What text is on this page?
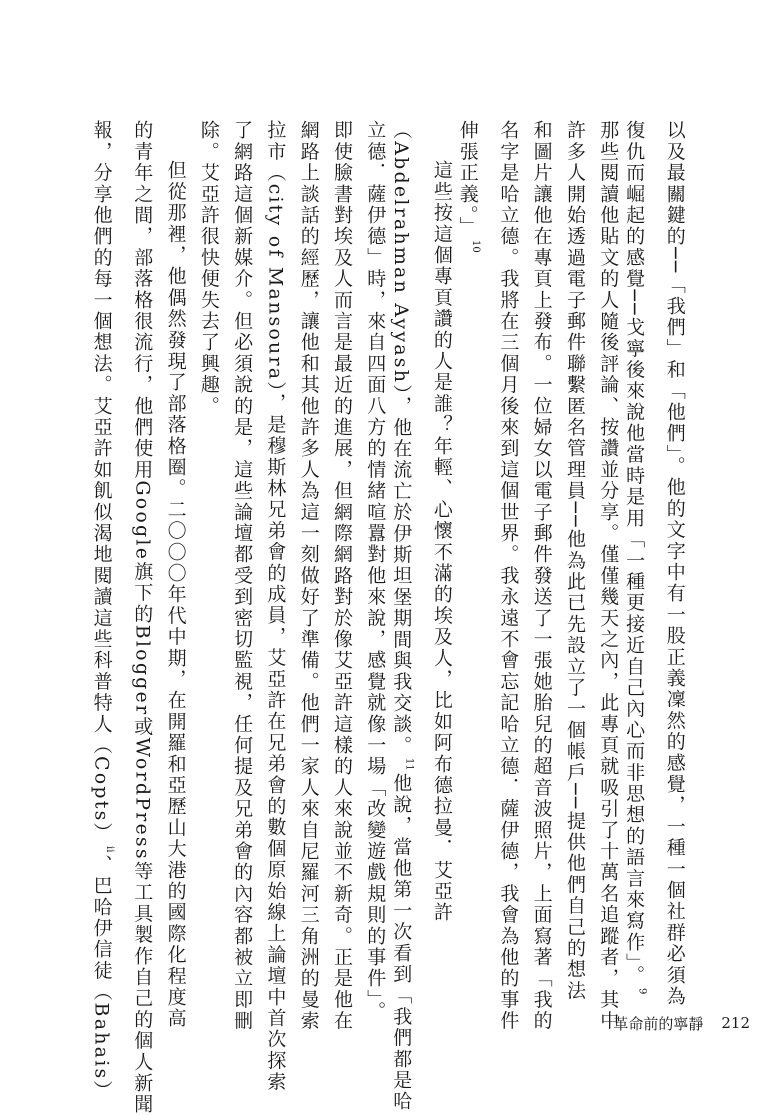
以及最關鍵的──「我們」和「他們」。他的文字中有一股正義凜然的感覺，一種一個社群必須為
復仇而崛起的感覺──戈寧後來說他當時是用「一種更接近自己內心而非思想的語言來寫作」。$^9$
那些閱讀他貼文的人隨後評論、按讚並分享。僅僅幾天之內，此專頁就吸引了十萬名追蹤者，其中
許多人開始透過電子郵件聯繫匿名管理員──他為此已先設立了一個帳戶──提供他們自己的想法
和圖片讓他在專頁上發布。一位婦女以電子郵件發送了一張她胎兒的超音波照片，上面寫著「我的
名字是哈立德。我將在三個月後來到這個世界。我永遠不會忘記哈立德．薩伊德，我會為他的事件
伸張正義。」$^{10}$
這些按這個專頁讚的人是誰？年輕、心懷不滿的埃及人，比如阿布德拉曼．艾亞許
（Abdelrahman Ayyash），他在流亡於伊斯坦堡期間與我交談。$^{11}$他說，當他第一次看到「我們都是哈
立德．薩伊德」時，來自四面八方的情緒喧囂對他來說，感覺就像一場「改變遊戲規則的事件」。
即使臉書對埃及人而言是最近的進展，但網際網路對於像艾亞許這樣的人來說並不新奇。正是他在
網路上談話的經歷，讓他和其他許多人為這一刻做好了準備。他們一家人來自尼羅河三角洲的曼索
拉市（city of Mansoura），是穆斯林兄弟會的成員，艾亞許在兄弟會的數個原始線上論壇中首次探索
了網路這個新媒介。但必須說的是，這些論壇都受到密切監視，任何提及兄弟會的內容都被立即刪
除。艾亞許很快便失去了興趣。
但從那裡，他偶然發現了部落格圈。二〇〇〇年代中期，在開羅和亞歷山大港的國際化程度高
的青年之間，部落格很流行，他們使用Google旗下的Blogger或WordPress等工具製作自己的個人新聞
報，分享他們的每一個想法。艾亞許如飢似渴地閱讀這些科普特人（Copts）$^{ii}$、巴哈伊信徒（Bahais）	革命前的寧靜 212
